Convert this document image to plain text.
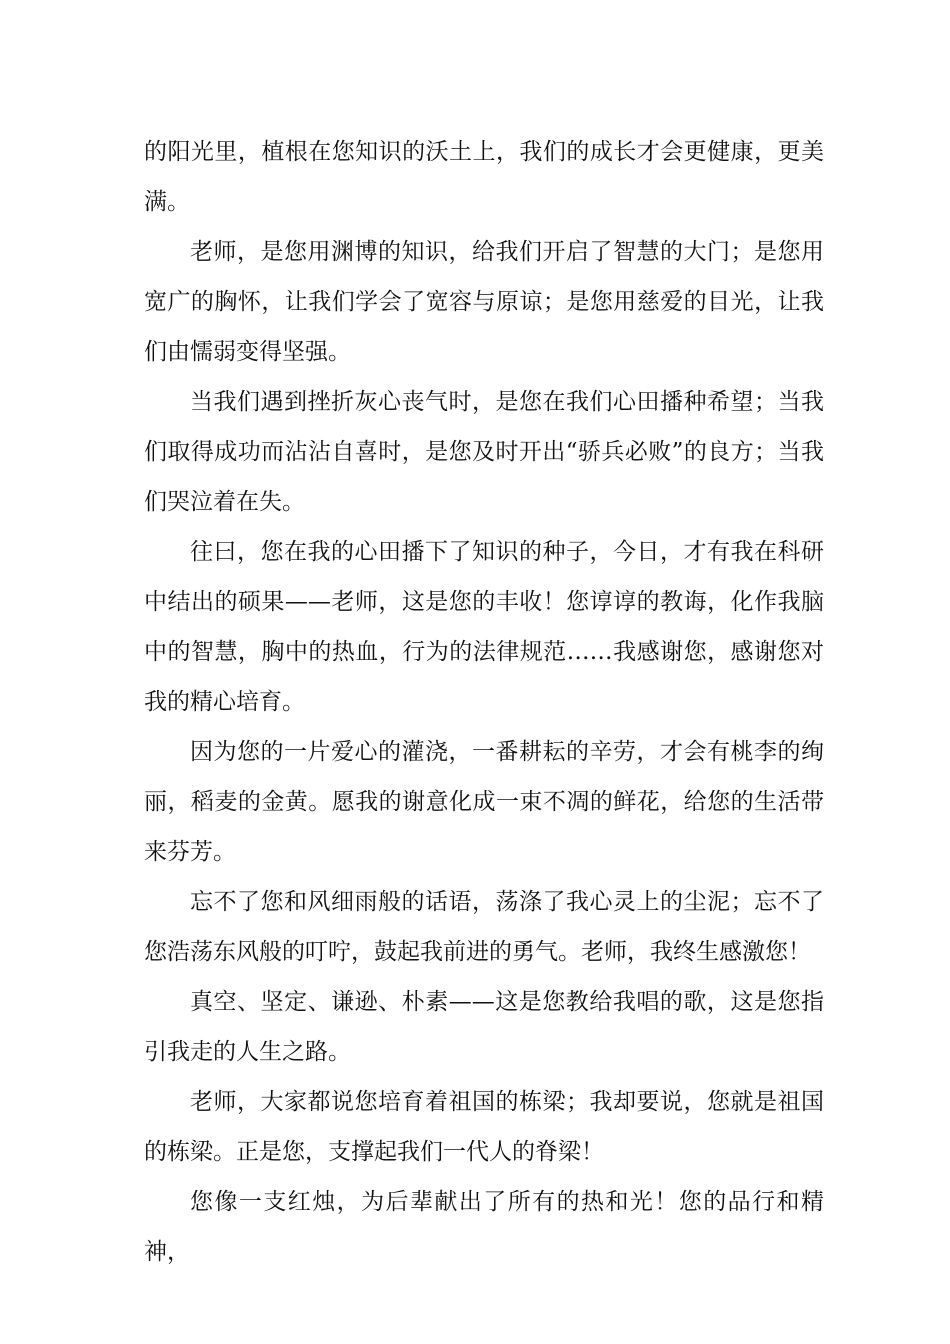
的阳光里，植根在您知识的沃土上，我们的成长才会更健康，更美满。

老师，是您用渊博的知识，给我们开启了智慧的大门；是您用宽广的胸怀，让我们学会了宽容与原谅；是您用慈爱的目光，让我们由懦弱变得坚强。

当我们遇到挫折灰心丧气时，是您在我们心田播种希望；当我们取得成功而沾沾自喜时，是您及时开出“骄兵必败”的良方；当我们哭泣着在失。

往曰，您在我的心田播下了知识的种子，今日，才有我在科研中结出的硕果——老师，这是您的丰收！您谆谆的教诲，化作我脑中的智慧，胸中的热血，行为的法律规范……我感谢您，感谢您对我的精心培育。

因为您的一片爱心的灌浇，一番耕耘的辛劳，才会有桃李的绚丽，稻麦的金黄。愿我的谢意化成一束不凋的鲜花，给您的生活带来芬芳。

忘不了您和风细雨般的话语，荡涤了我心灵上的尘泥；忘不了您浩荡东风般的叮咛，鼓起我前进的勇气。老师，我终生感激您！

真空、坚定、谦逊、朴素——这是您教给我唱的歌，这是您指引我走的人生之路。

老师，大家都说您培育着祖国的栋梁；我却要说，您就是祖国的栋梁。正是您，支撑起我们一代人的脊梁！

您像一支红烛，为后辈献出了所有的热和光！您的品行和精神，
